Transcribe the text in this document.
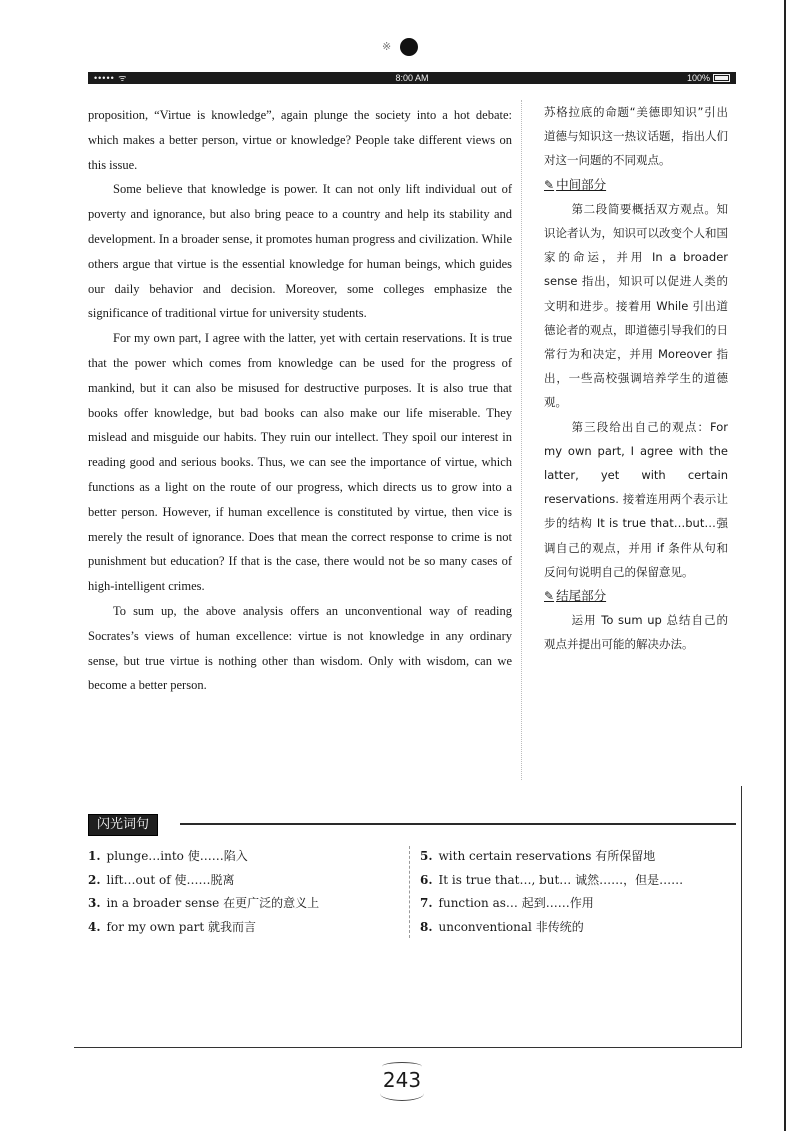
※
••••• ᯤ	8:00 AM	100%

proposition, “Virtue is knowledge”, again plunge the society into a hot debate: which makes a better person, virtue or knowledge? People take different views on this issue.

Some believe that knowledge is power. It can not only lift individual out of poverty and ignorance, but also bring peace to a country and help its stability and development. In a broader sense, it promotes human progress and civilization. While others argue that virtue is the essential knowledge for human beings, which guides our daily behavior and decision. Moreover, some colleges emphasize the significance of traditional virtue for university students.

For my own part, I agree with the latter, yet with certain reservations. It is true that the power which comes from knowledge can be used for the progress of mankind, but it can also be misused for destructive purposes. It is also true that books offer knowledge, but bad books can also make our life miserable. They mislead and misguide our habits. They ruin our intellect. They spoil our interest in reading good and serious books. Thus, we can see the importance of virtue, which functions as a light on the route of our progress, which directs us to grow into a better person. However, if human excellence is constituted by virtue, then vice is merely the result of ignorance. Does that mean the correct response to crime is not punishment but education? If that is the case, there would not be so many cases of high-intelligent crimes.

To sum up, the above analysis offers an unconventional way of reading Socrates’s views of human excellence: virtue is not knowledge in any ordinary sense, but true virtue is nothing other than wisdom. Only with wisdom, can we become a better person.

苏格拉底的命题“美德即知识”引出道德与知识这一热议话题，指出人们对这一问题的不同观点。

✎ 中间部分

第二段简要概括双方观点。知识论者认为，知识可以改变个人和国家的命运，并用 In a broader sense 指出，知识可以促进人类的文明和进步。接着用 While 引出道德论者的观点，即道德引导我们的日常行为和决定，并用 Moreover 指出，一些高校强调培养学生的道德观。

第三段给出自己的观点：For my own part, I agree with the latter, yet with certain reservations. 接着连用两个表示让步的结构 It is true that…but…强调自己的观点，并用 if 条件从句和反问句说明自己的保留意见。

✎ 结尾部分

运用 To sum up 总结自己的观点并提出可能的解决办法。

闪光词句
1. plunge…into 使……陷入
2. lift…out of 使……脱离
3. in a broader sense 在更广泛的意义上
4. for my own part 就我而言
5. with certain reservations 有所保留地
6. It is true that…, but… 诚然……，但是……
7. function as… 起到……作用
8. unconventional 非传统的
243
